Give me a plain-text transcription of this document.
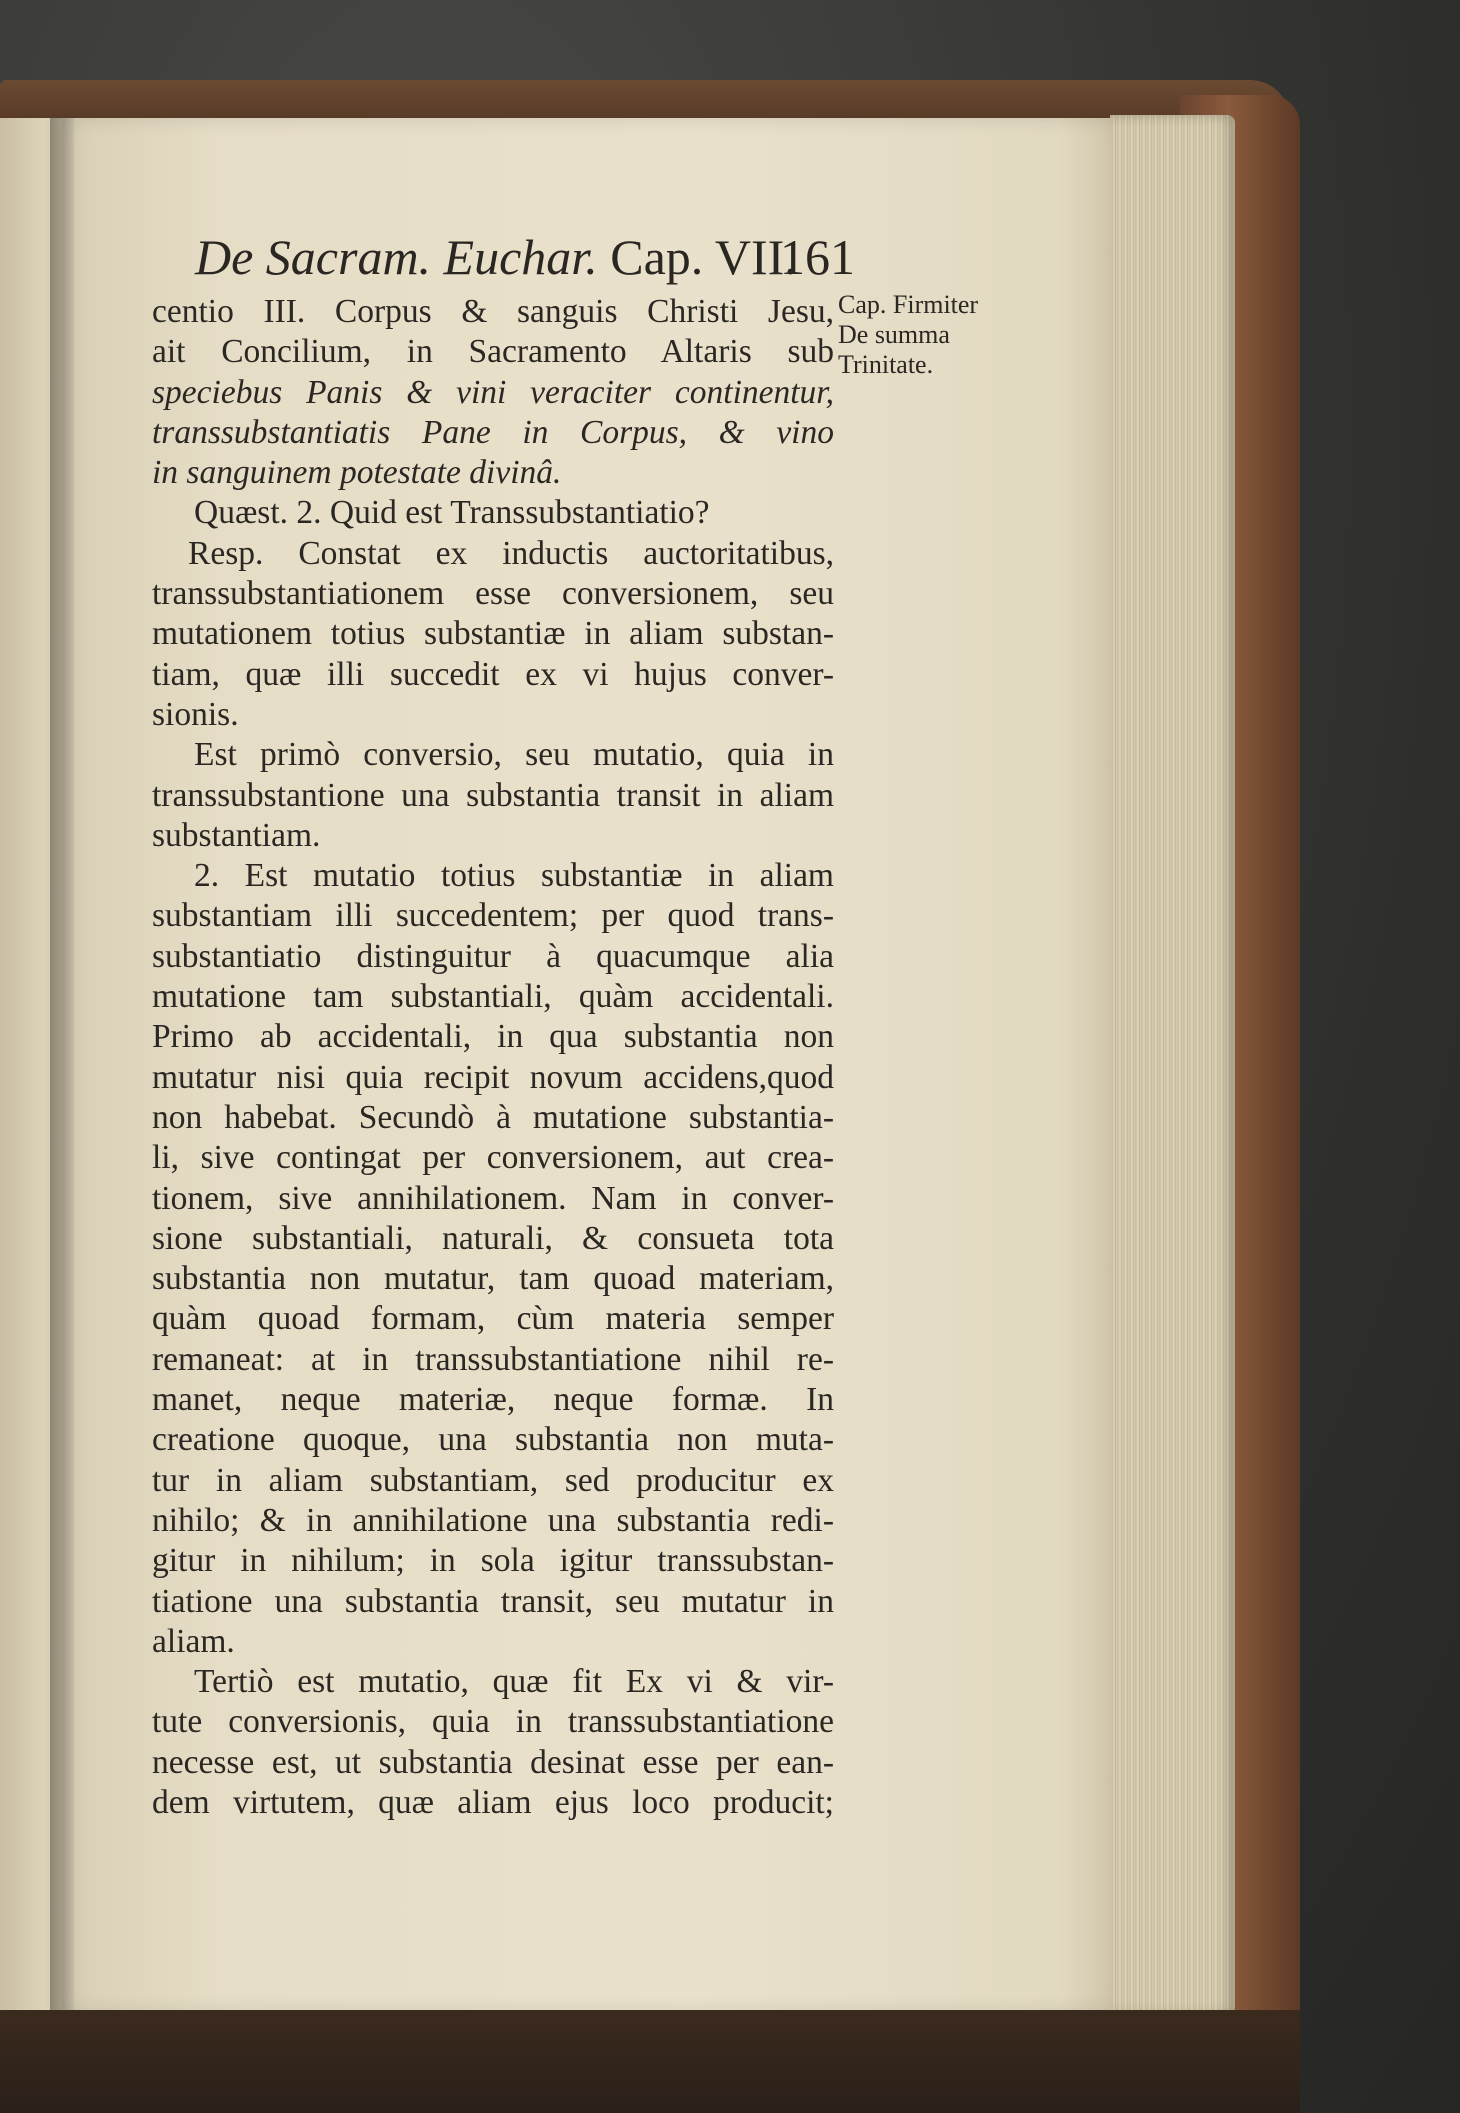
De Sacram. Euchar. Cap. VII.
161
Cap. Firmiter
De summa
Trinitate.
centio III. Corpus & sanguis Christi Jesu,
ait Concilium, in Sacramento Altaris sub
speciebus Panis & vini veraciter continentur,
transsubstantiatis Pane in Corpus, & vino
in sanguinem potestate divinâ.
Quæst. 2. Quid est Transsubstantiatio?
Resp. Constat ex inductis auctoritatibus,
transsubstantiationem esse conversionem, seu
mutationem totius substantiæ in aliam substan-
tiam, quæ illi succedit ex vi hujus conver-
sionis.
Est primò conversio, seu mutatio, quia in
transsubstantione una substantia transit in aliam
substantiam.
2. Est mutatio totius substantiæ in aliam
substantiam illi succedentem; per quod trans-
substantiatio distinguitur à quacumque alia
mutatione tam substantiali, quàm accidentali.
Primo ab accidentali, in qua substantia non
mutatur nisi quia recipit novum accidens,quod
non habebat. Secundò à mutatione substantia-
li, sive contingat per conversionem, aut crea-
tionem, sive annihilationem. Nam in conver-
sione substantiali, naturali, & consueta tota
substantia non mutatur, tam quoad materiam,
quàm quoad formam, cùm materia semper
remaneat: at in transsubstantiatione nihil re-
manet, neque materiæ, neque formæ. In
creatione quoque, una substantia non muta-
tur in aliam substantiam, sed producitur ex
nihilo; & in annihilatione una substantia redi-
gitur in nihilum; in sola igitur transsubstan-
tiatione una substantia transit, seu mutatur in
aliam.
Tertiò est mutatio, quæ fit Ex vi & vir-
tute conversionis, quia in transsubstantiatione
necesse est, ut substantia desinat esse per ean-
dem virtutem, quæ aliam ejus loco producit;
